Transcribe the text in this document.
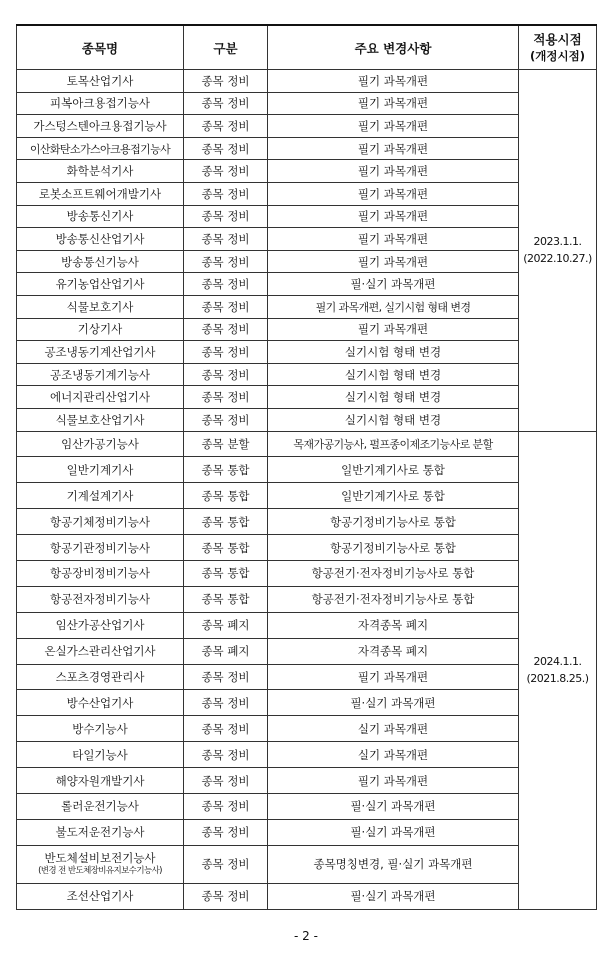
종목명	구분	주요 변경사항	적용시점
(개정시점)

토목산업기사	종목 정비	필기 과목개편	2023.1.1.
(2022.10.27.)

피복아크용접기능사	종목 정비	필기 과목개편	
가스텅스텐아크용접기능사	종목 정비	필기 과목개편	
이산화탄소가스아크용접기능사	종목 정비	필기 과목개편	
화학분석기사	종목 정비	필기 과목개편	
로봇소프트웨어개발기사	종목 정비	필기 과목개편	
방송통신기사	종목 정비	필기 과목개편	
방송통신산업기사	종목 정비	필기 과목개편	
방송통신기능사	종목 정비	필기 과목개편	
유기농업산업기사	종목 정비	필·실기 과목개편	
식물보호기사	종목 정비	필기 과목개편, 실기시험 형태 변경	
기상기사	종목 정비	필기 과목개편	
공조냉동기계산업기사	종목 정비	실기시험 형태 변경	
공조냉동기계기능사	종목 정비	실기시험 형태 변경	
에너지관리산업기사	종목 정비	실기시험 형태 변경	
식물보호산업기사	종목 정비	실기시험 형태 변경	
임산가공기능사	종목 분할	목재가공기능사, 펄프종이제조기능사로 분할	2024.1.1.
(2021.8.25.)

일반기계기사	종목 통합	일반기계기사로 통합	
기계설계기사	종목 통합	일반기계기사로 통합	
항공기체정비기능사	종목 통합	항공기정비기능사로 통합	
항공기관정비기능사	종목 통합	항공기정비기능사로 통합	
항공장비정비기능사	종목 통합	항공전기·전자정비기능사로 통합	
항공전자정비기능사	종목 통합	항공전기·전자정비기능사로 통합	
임산가공산업기사	종목 폐지	자격종목 폐지	
온실가스관리산업기사	종목 폐지	자격종목 폐지	
스포츠경영관리사	종목 정비	필기 과목개편	
방수산업기사	종목 정비	필·실기 과목개편	
방수기능사	종목 정비	실기 과목개편	
타일기능사	종목 정비	실기 과목개편	
해양자원개발기사	종목 정비	필기 과목개편	
롤러운전기능사	종목 정비	필·실기 과목개편	
불도저운전기능사	종목 정비	필·실기 과목개편	

반도체설비보전기능사
(변경 전 반도체장비유지보수기능사)	종목 정비	종목명칭변경, 필·실기 과목개편	
조선산업기사	종목 정비	필·실기 과목개편	
- 2 -
